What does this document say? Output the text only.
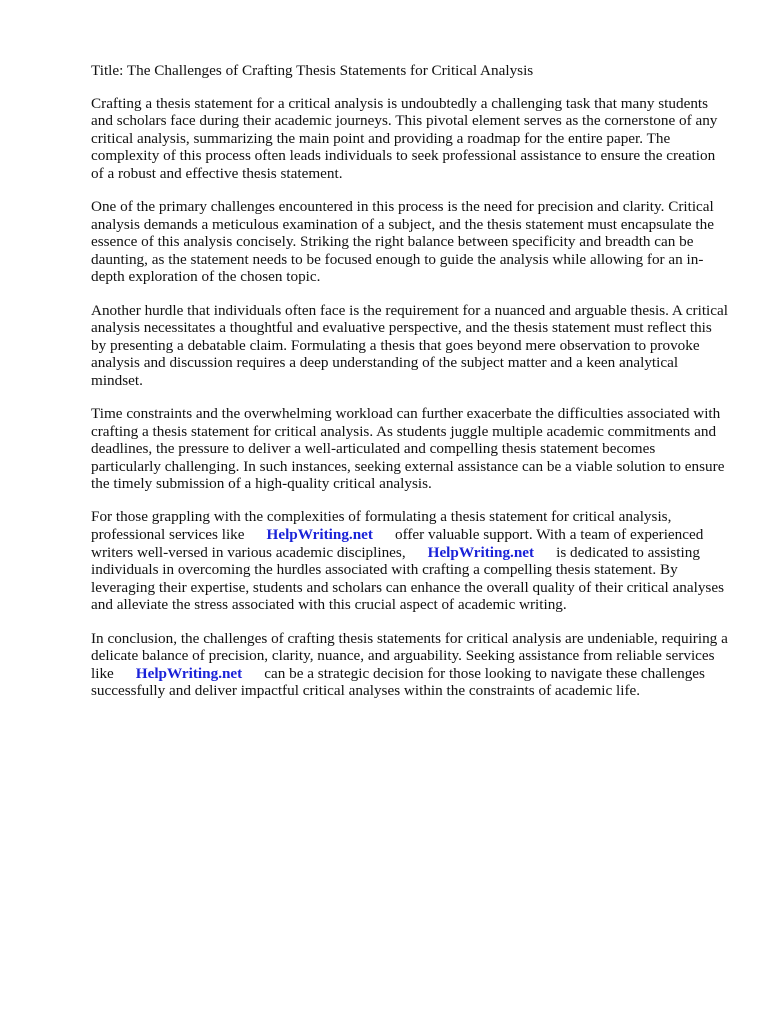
Title: The Challenges of Crafting Thesis Statements for Critical Analysis

Crafting a thesis statement for a critical analysis is undoubtedly a challenging task that many students and scholars face during their academic journeys. This pivotal element serves as the cornerstone of any critical analysis, summarizing the main point and providing a roadmap for the entire paper. The complexity of this process often leads individuals to seek professional assistance to ensure the creation of a robust and effective thesis statement.

One of the primary challenges encountered in this process is the need for precision and clarity. Critical analysis demands a meticulous examination of a subject, and the thesis statement must encapsulate the essence of this analysis concisely. Striking the right balance between specificity and breadth can be daunting, as the statement needs to be focused enough to guide the analysis while allowing for an in-depth exploration of the chosen topic.

Another hurdle that individuals often face is the requirement for a nuanced and arguable thesis. A critical analysis necessitates a thoughtful and evaluative perspective, and the thesis statement must reflect this by presenting a debatable claim. Formulating a thesis that goes beyond mere observation to provoke analysis and discussion requires a deep understanding of the subject matter and a keen analytical mindset.

Time constraints and the overwhelming workload can further exacerbate the difficulties associated with crafting a thesis statement for critical analysis. As students juggle multiple academic commitments and deadlines, the pressure to deliver a well-articulated and compelling thesis statement becomes particularly challenging. In such instances, seeking external assistance can be a viable solution to ensure the timely submission of a high-quality critical analysis.

For those grappling with the complexities of formulating a thesis statement for critical analysis, professional services like HelpWriting.net offer valuable support. With a team of experienced writers well-versed in various academic disciplines, HelpWriting.net is dedicated to assisting individuals in overcoming the hurdles associated with crafting a compelling thesis statement. By leveraging their expertise, students and scholars can enhance the overall quality of their critical analyses and alleviate the stress associated with this crucial aspect of academic writing.

In conclusion, the challenges of crafting thesis statements for critical analysis are undeniable, requiring a delicate balance of precision, clarity, nuance, and arguability. Seeking assistance from reliable services like HelpWriting.net can be a strategic decision for those looking to navigate these challenges successfully and deliver impactful critical analyses within the constraints of academic life.
